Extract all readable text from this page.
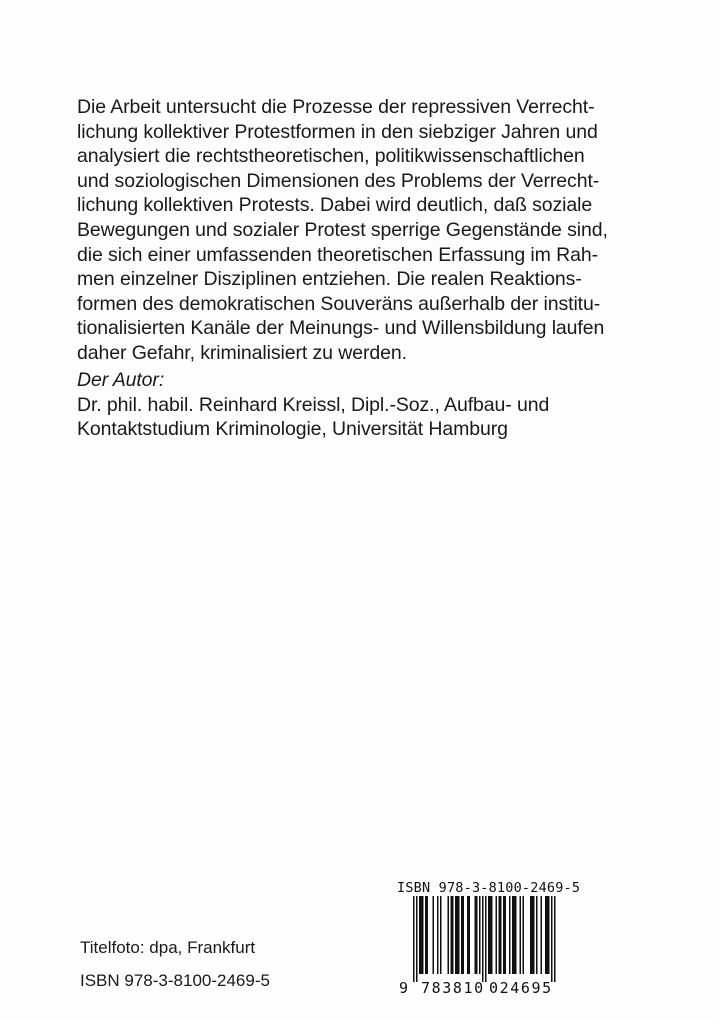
Die Arbeit untersucht die Prozesse der repressiven Verrecht-
lichung kollektiver Protestformen in den siebziger Jahren und
analysiert die rechtstheoretischen, politikwissenschaftlichen
und soziologischen Dimensionen des Problems der Verrecht-
lichung kollektiven Protests. Dabei wird deutlich, daß soziale
Bewegungen und sozialer Protest sperrige Gegenstände sind,
die sich einer umfassenden theoretischen Erfassung im Rah-
men einzelner Disziplinen entziehen. Die realen Reaktions-
formen des demokratischen Souveräns außerhalb der institu-
tionalisierten Kanäle der Meinungs- und Willensbildung laufen
daher Gefahr, kriminalisiert zu werden.
Der Autor:
Dr. phil. habil. Reinhard Kreissl, Dipl.-Soz., Aufbau- und
Kontaktstudium Kriminologie, Universität Hamburg
Titelfoto: dpa, Frankfurt
ISBN 978-3-8100-2469-5
ISBN 978-3-8100-2469-5
9 783810 024695
